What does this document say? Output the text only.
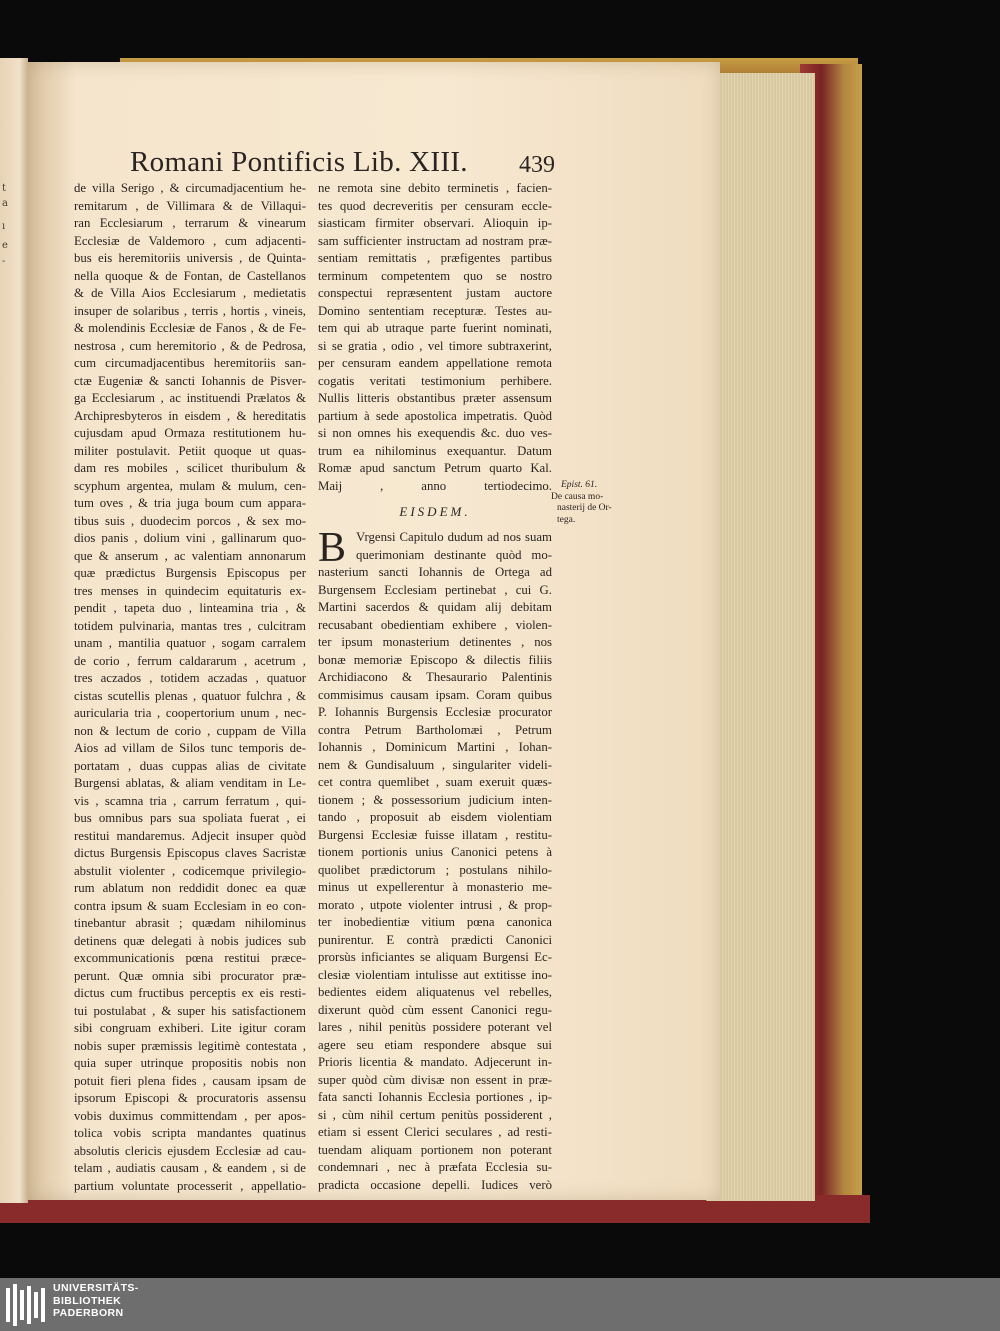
t
a
ı
e
-
Romani Pontificis Lib. XIII. 439
de villa Serigo , & circumadjacentium he-
remitarum , de Villimara & de Villaqui-
ran Ecclesiarum , terrarum & vinearum
Ecclesiæ de Valdemoro , cum adjacenti-
bus eis heremitoriis universis , de Quinta-
nella quoque & de Fontan, de Castellanos
& de Villa Aios Ecclesiarum , medietatis
insuper de solaribus , terris , hortis , vineis,
& molendinis Ecclesiæ de Fanos , & de Fe-
nestrosa , cum heremitorio , & de Pedrosa,
cum circumadjacentibus heremitoriis san-
ctæ Eugeniæ & sancti Iohannis de Pisver-
ga Ecclesiarum , ac instituendi Prælatos &
Archipresbyteros in eisdem , & hereditatis
cujusdam apud Ormaza restitutionem hu-
militer postulavit. Petiit quoque ut quas-
dam res mobiles , scilicet thuribulum &
scyphum argentea, mulam & mulum, cen-
tum oves , & tria juga boum cum appara-
tibus suis , duodecim porcos , & sex mo-
dios panis , dolium vini , gallinarum quo-
que & anserum , ac valentiam annonarum
quæ prædictus Burgensis Episcopus per
tres menses in quindecim equitaturis ex-
pendit , tapeta duo , linteamina tria , &
totidem pulvinaria, mantas tres , culcitram
unam , mantilia quatuor , sogam carralem
de corio , ferrum caldararum , acetrum ,
tres aczados , totidem aczadas , quatuor
cistas scutellis plenas , quatuor fulchra , &
auricularia tria , coopertorium unum , nec-
non & lectum de corio , cuppam de Villa
Aios ad villam de Silos tunc temporis de-
portatam , duas cuppas alias de civitate
Burgensi ablatas, & aliam venditam in Le-
vis , scamna tria , carrum ferratum , qui-
bus omnibus pars sua spoliata fuerat , ei
restitui mandaremus. Adjecit insuper quòd
dictus Burgensis Episcopus claves Sacristæ
abstulit violenter , codicemque privilegio-
rum ablatum non reddidit donec ea quæ
contra ipsum & suam Ecclesiam in eo con-
tinebantur abrasit ; quædam nihilominus
detinens quæ delegati à nobis judices sub
excommunicationis pœna restitui præce-
perunt. Quæ omnia sibi procurator præ-
dictus cum fructibus perceptis ex eis resti-
tui postulabat , & super his satisfactionem
sibi congruam exhiberi. Lite igitur coram
nobis super præmissis legitimè contestata ,
quia super utrinque propositis nobis non
potuit fieri plena fides , causam ipsam de
ipsorum Episcopi & procuratoris assensu
vobis duximus committendam , per apos-
tolica vobis scripta mandantes quatinus
absolutis clericis ejusdem Ecclesiæ ad cau-
telam , audiatis causam , & eandem , si de
partium voluntate processerit , appellatio-
ne remota sine debito terminetis , facien-
tes quod decreveritis per censuram eccle-
siasticam firmiter observari. Alioquin ip-
sam sufficienter instructam ad nostram præ-
sentiam remittatis , præfigentes partibus
terminum competentem quo se nostro
conspectui repræsentent justam auctore
Domino sententiam recepturæ. Testes au-
tem qui ab utraque parte fuerint nominati,
si se gratia , odio , vel timore subtraxerint,
per censuram eandem appellatione remota
cogatis veritati testimonium perhibere.
Nullis litteris obstantibus præter assensum
partium à sede apostolica impetratis. Quòd
si non omnes his exequendis &c. duo ves-
trum ea nihilominus exequantur. Datum
Romæ apud sanctum Petrum quarto Kal.
Maij , anno tertiodecimo.
EISDEM.
B Vrgensi Capitulo dudum ad nos suam
querimoniam destinante quòd mo-
nasterium sancti Iohannis de Ortega ad
Burgensem Ecclesiam pertinebat , cui G.
Martini sacerdos & quidam alij debitam
recusabant obedientiam exhibere , violen-
ter ipsum monasterium detinentes , nos
bonæ memoriæ Episcopo & dilectis filiis
Archidiacono & Thesaurario Palentinis
commisimus causam ipsam. Coram quibus
P. Iohannis Burgensis Ecclesiæ procurator
contra Petrum Bartholomæi , Petrum
Iohannis , Dominicum Martini , Iohan-
nem & Gundisaluum , singulariter videli-
cet contra quemlibet , suam exeruit quæs-
tionem ; & possessorium judicium inten-
tando , proposuit ab eisdem violentiam
Burgensi Ecclesiæ fuisse illatam , restitu-
tionem portionis unius Canonici petens à
quolibet prædictorum ; postulans nihilo-
minus ut expellerentur à monasterio me-
morato , utpote violenter intrusi , & prop-
ter inobedientiæ vitium pœna canonica
punirentur. E contrà prædicti Canonici
prorsùs inficiantes se aliquam Burgensi Ec-
clesiæ violentiam intulisse aut extitisse ino-
bedientes eidem aliquatenus vel rebelles,
dixerunt quòd cùm essent Canonici regu-
lares , nihil penitùs possidere poterant vel
agere seu etiam respondere absque sui
Prioris licentia & mandato. Adjecerunt in-
super quòd cùm divisæ non essent in præ-
fata sancti Iohannis Ecclesia portiones , ip-
si , cùm nihil certum penitùs possiderent ,
etiam si essent Clerici seculares , ad resti-
tuendam aliquam portionem non poterant
condemnari , nec à præfata Ecclesia su-
pradicta occasione depelli. Iudices verò
Epist. 61.
De causa mo-
nasterij de Or-
tega.
UNIVERSITÄTS-
BIBLIOTHEK
PADERBORN
